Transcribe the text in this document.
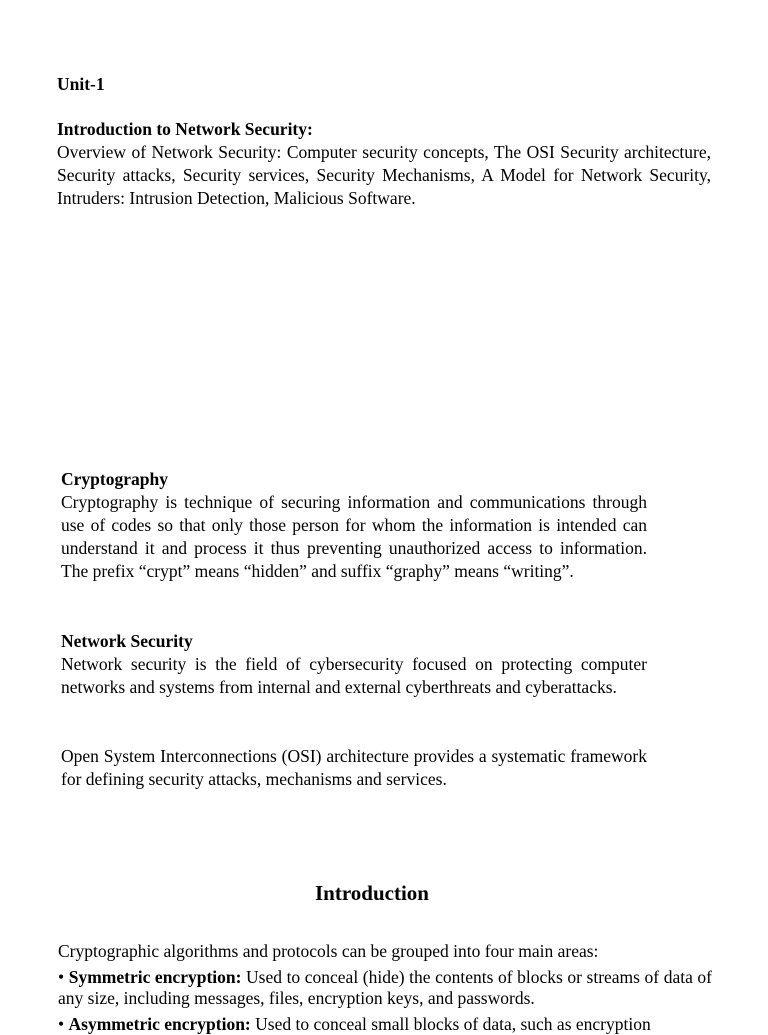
Unit-1
Introduction to Network Security:

Overview of Network Security: Computer security concepts, The OSI Security architecture, Security attacks, Security services, Security Mechanisms, A Model for Network Security, Intruders: Intrusion Detection, Malicious Software.

Cryptography

Cryptography is technique of securing information and communications through use of codes so that only those person for whom the information is intended can understand it and process it thus preventing unauthorized access to information. The prefix “crypt” means “hidden” and suffix “graphy” means “writing”.

Network Security

Network security is the field of cybersecurity focused on protecting computer networks and systems from internal and external cyberthreats and cyberattacks.

Open System Interconnections (OSI) architecture provides a systematic framework for defining security attacks, mechanisms and services.

Introduction
Cryptographic algorithms and protocols can be grouped into four main areas:
• Symmetric encryption: Used to conceal (hide) the contents of blocks or streams of data of any size, including messages, files, encryption keys, and passwords.
• Asymmetric encryption: Used to conceal small blocks of data, such as encryption
